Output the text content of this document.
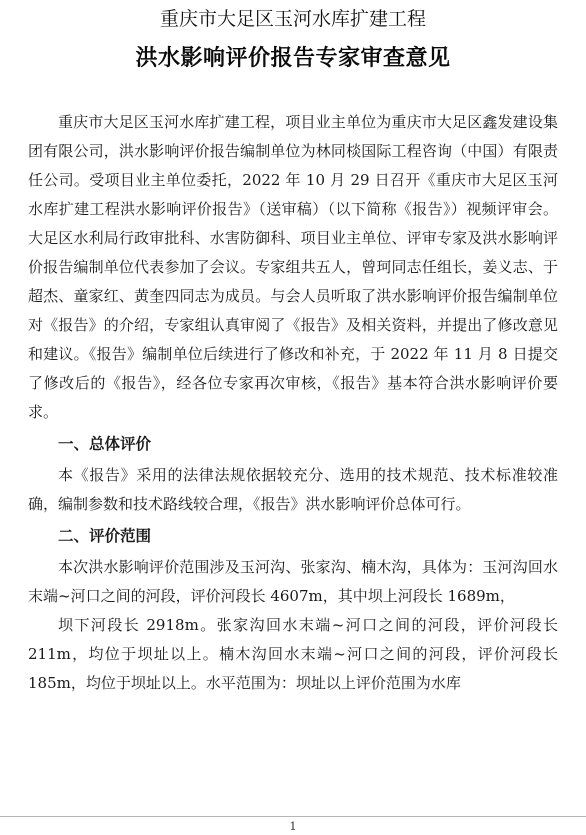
重庆市大足区玉河水库扩建工程
洪水影响评价报告专家审查意见

重庆市大足区玉河水库扩建工程，项目业主单位为重庆市大足区鑫发建设集团有限公司，洪水影响评价报告编制单位为林同棪国际工程咨询（中国）有限责任公司。受项目业主单位委托，2022 年 10 月 29 日召开《重庆市大足区玉河水库扩建工程洪水影响评价报告》（送审稿）（以下简称《报告》）视频评审会。大足区水利局行政审批科、水害防御科、项目业主单位、评审专家及洪水影响评价报告编制单位代表参加了会议。专家组共五人，曾珂同志任组长，姜义志、于超杰、童家红、黄奎四同志为成员。与会人员听取了洪水影响评价报告编制单位对《报告》的介绍，专家组认真审阅了《报告》及相关资料，并提出了修改意见和建议。《报告》编制单位后续进行了修改和补充，于 2022 年 11 月 8 日提交了修改后的《报告》，经各位专家再次审核，《报告》基本符合洪水影响评价要求。

一、总体评价

本《报告》采用的法律法规依据较充分、选用的技术规范、技术标准较准确，编制参数和技术路线较合理，《报告》洪水影响评价总体可行。

二、评价范围

本次洪水影响评价范围涉及玉河沟、张家沟、楠木沟，具体为：玉河沟回水末端~河口之间的河段，评价河段长 4607m，其中坝上河段长 1689m，

坝下河段长 2918m。张家沟回水末端~河口之间的河段，评价河段长 211m，均位于坝址以上。楠木沟回水末端~河口之间的河段，评价河段长 185m，均位于坝址以上。水平范围为：坝址以上评价范围为水库

1
